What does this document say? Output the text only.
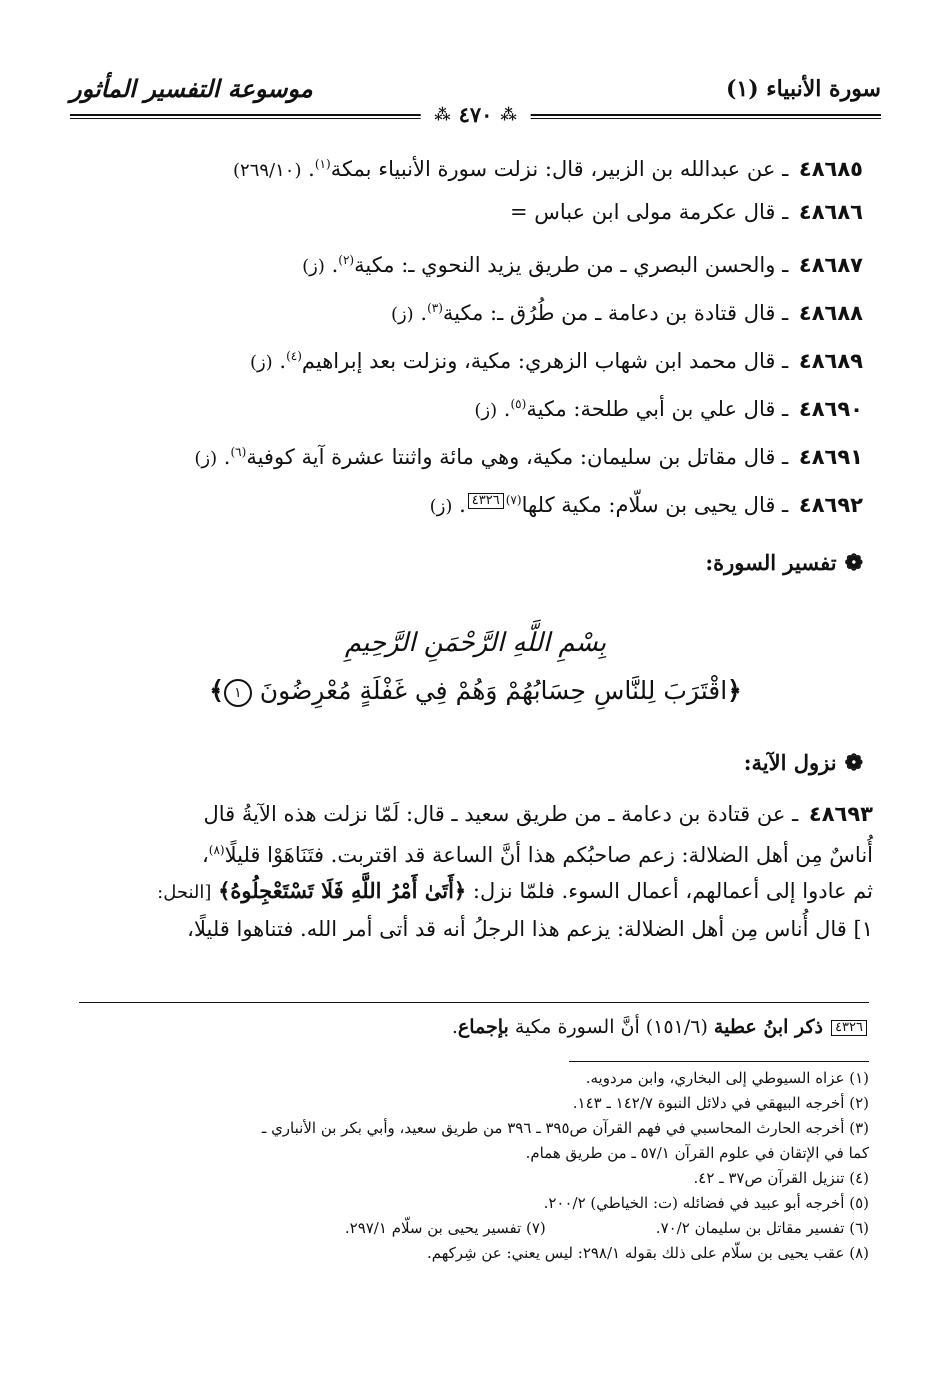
سورة الأنبياء (١)
موسوعة التفسير المأثور
⁂
٤٧٠
⁂
٤٨٦٨٥ ـ عن عبدالله بن الزبير، قال: نزلت سورة الأنبياء بمكة$^{(١)}$. (٢٦٩/١٠)
٤٨٦٨٦ ـ قال عكرمة مولى ابن عباس =
٤٨٦٨٧ ـ والحسن البصري ـ من طريق يزيد النحوي ـ: مكية$^{(٢)}$. (ز)
٤٨٦٨٨ ـ قال قتادة بن دعامة ـ من طُرُق ـ: مكية$^{(٣)}$. (ز)
٤٨٦٨٩ ـ قال محمد ابن شهاب الزهري: مكية، ونزلت بعد إبراهيم$^{(٤)}$. (ز)
٤٨٦٩٠ ـ قال علي بن أبي طلحة: مكية$^{(٥)}$. (ز)
٤٨٦٩١ ـ قال مقاتل بن سليمان: مكية، وهي مائة واثنتا عشرة آية كوفية$^{(٦)}$. (ز)
٤٨٦٩٢ ـ قال يحيى بن سلّام: مكية كلها$^{(٧)}$٤٣٢٦. (ز)
❁تفسير السورة:
بِسْمِ اللَّهِ الرَّحْمَنِ الرَّحِيمِ
﴿اقْتَرَبَ لِلنَّاسِ حِسَابُهُمْ وَهُمْ فِي غَفْلَةٍ مُعْرِضُونَ ١﴾
❁نزول الآية:
٤٨٦٩٣ ـ عن قتادة بن دعامة ـ من طريق سعيد ـ قال: لَمّا نزلت هذه الآيةُ قال
أُناسٌ مِن أهل الضلالة: زعم صاحبُكم هذا أنَّ الساعة قد اقتربت. فتَنَاهَوْا قليلًا$^{(٨)}$،
ثم عادوا إلى أعمالهم، أعمال السوء. فلمّا نزل: ﴿أَتَىٰ أَمْرُ اللَّهِ فَلَا تَسْتَعْجِلُوهُ﴾ [النحل:
١] قال أُناس مِن أهل الضلالة: يزعم هذا الرجلُ أنه قد أتى أمر الله. فتناهوا قليلًا،
٤٣٢٦ ذكر ابنُ عطية (١٥١/٦) أنَّ السورة مكية بإجماع.
(١) عزاه السيوطي إلى البخاري، وابن مردويه.
(٢) أخرجه البيهقي في دلائل النبوة ١٤٢/٧ ـ ١٤٣.
(٣) أخرجه الحارث المحاسبي في فهم القرآن ص٣٩٥ ـ ٣٩٦ من طريق سعيد، وأبي بكر بن الأنباري ـ
كما في الإتقان في علوم القرآن ٥٧/١ ـ من طريق همام.
(٤) تنزيل القرآن ص٣٧ ـ ٤٢.
(٥) أخرجه أبو عبيد في فضائله (ت: الخياطي) ٢٠٠/٢.
(٦) تفسير مقاتل بن سليمان ٧٠/٢.
(٧) تفسير يحيى بن سلّام ٢٩٧/١.
(٨) عقب يحيى بن سلّام على ذلك بقوله ٢٩٨/١: ليس يعني: عن شِركهم.
